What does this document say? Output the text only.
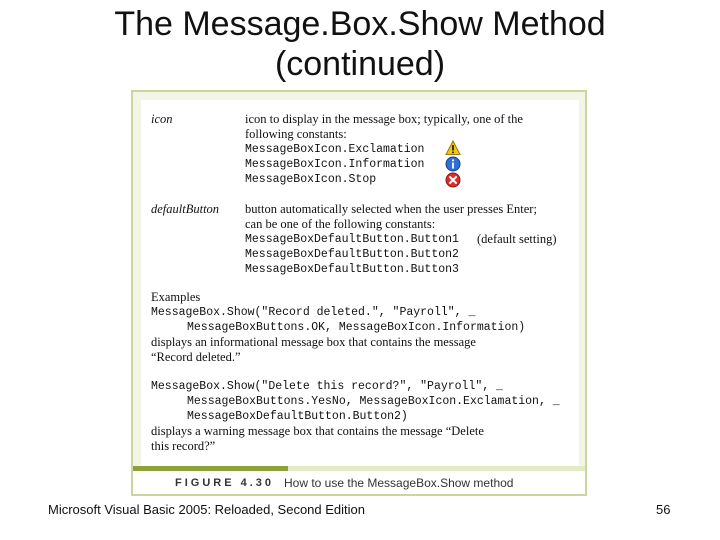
The Message.Box.Show Method
(continued)
icon	icon to display in the message box; typically, one of the
following constants:
MessageBoxIcon.Exclamation
MessageBoxIcon.Information
MessageBoxIcon.Stop
defaultButton button automatically selected when the user presses Enter;
can be one of the following constants:
MessageBoxDefaultButton.Button1 (default setting)
MessageBoxDefaultButton.Button2
MessageBoxDefaultButton.Button3
Examples
MessageBox.Show("Record deleted.", "Payroll", _
MessageBoxButtons.OK, MessageBoxIcon.Information)
displays an informational message box that contains the message
“Record deleted.”
MessageBox.Show("Delete this record?", "Payroll", _
MessageBoxButtons.YesNo, MessageBoxIcon.Exclamation, _
MessageBoxDefaultButton.Button2)
displays a warning message box that contains the message “Delete
this record?”
FIGURE 4.30 How to use the MessageBox.Show method
Microsoft Visual Basic 2005: Reloaded, Second Edition	56
